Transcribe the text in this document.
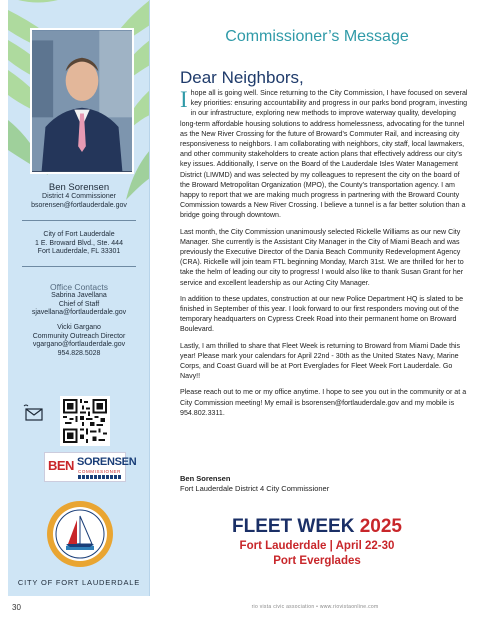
Ben Sorensen
District 4 Commissioner
bsorensen@fortlauderdale.gov
City of Fort Lauderdale
1 E. Broward Blvd., Ste. 444
Fort Lauderdale, FL 33301
Office Contacts
Sabrina Javellana
Chief of Staff
sjavellana@fortlauderdale.gov
Vicki Gargano
Community Outreach Director
vgargano@fortlauderdale.gov
954.828.5028
BEN SORENSEN
COMMISSIONER
CITY OF FORT LAUDERDALE
Commissioner’s Message
Dear Neighbors,

Ihope all is going well. Since returning to the City Commission, I have focused on several key priorities: ensuring accountability and progress in our parks bond program, investing in our infrastructure, exploring new methods to improve waterway quality, developing long-term affordable housing solutions to address homelessness, advocating for the tunnel as the New River Crossing for the future of Broward’s Commuter Rail, and increasing city responsiveness to neighbors. I am collaborating with neighbors, city staff, local lawmakers, and other community stakeholders to create action plans that effectively address our city’s key issues. Additionally, I serve on the Board of the Lauderdale Isles Water Management District (LIWMD) and was selected by my colleagues to represent the city on the board of the Broward Metropolitan Organization (MPO), the County’s transportation agency. I am happy to report that we are making much progress in partnering with the Broward County Commission towards a New River Crossing. I believe a tunnel is a far better solution than a bridge going through downtown.

Last month, the City Commission unanimously selected Rickelle Williams as our new City Manager. She currently is the Assistant City Manager in the City of Miami Beach and was previously the Executive Director of the Dania Beach Community Redevelopment Agency (CRA). Rickelle will join team FTL beginning Monday, March 31st. We are thrilled for her to take the helm of leading our city to progress! I would also like to thank Susan Grant for her service and excellent leadership as our Acting City Manager.

In addition to these updates, construction at our new Police Department HQ is slated to be finished in September of this year. I look forward to our first responders moving out of the temporary headquarters on Cypress Creek Road into their permanent home on Broward Boulevard.

Lastly, I am thrilled to share that Fleet Week is returning to Broward from Miami Dade this year! Please mark your calendars for April 22nd - 30th as the United States Navy, Marine Corps, and Coast Guard will be at Port Everglades for Fleet Week Fort Lauderdale. Go Navy!!

Please reach out to me or my office anytime. I hope to see you out in the community or at a City Commission meeting! My email is bsorensen@fortlauderdale.gov and my mobile is 954.802.3311.

Ben Sorensen
Fort Lauderdale District 4 City Commissioner
FLEET WEEK 2025
Fort Lauderdale | April 22-30
Port Everglades
30	rio vista civic association • www.riovistaonline.com
